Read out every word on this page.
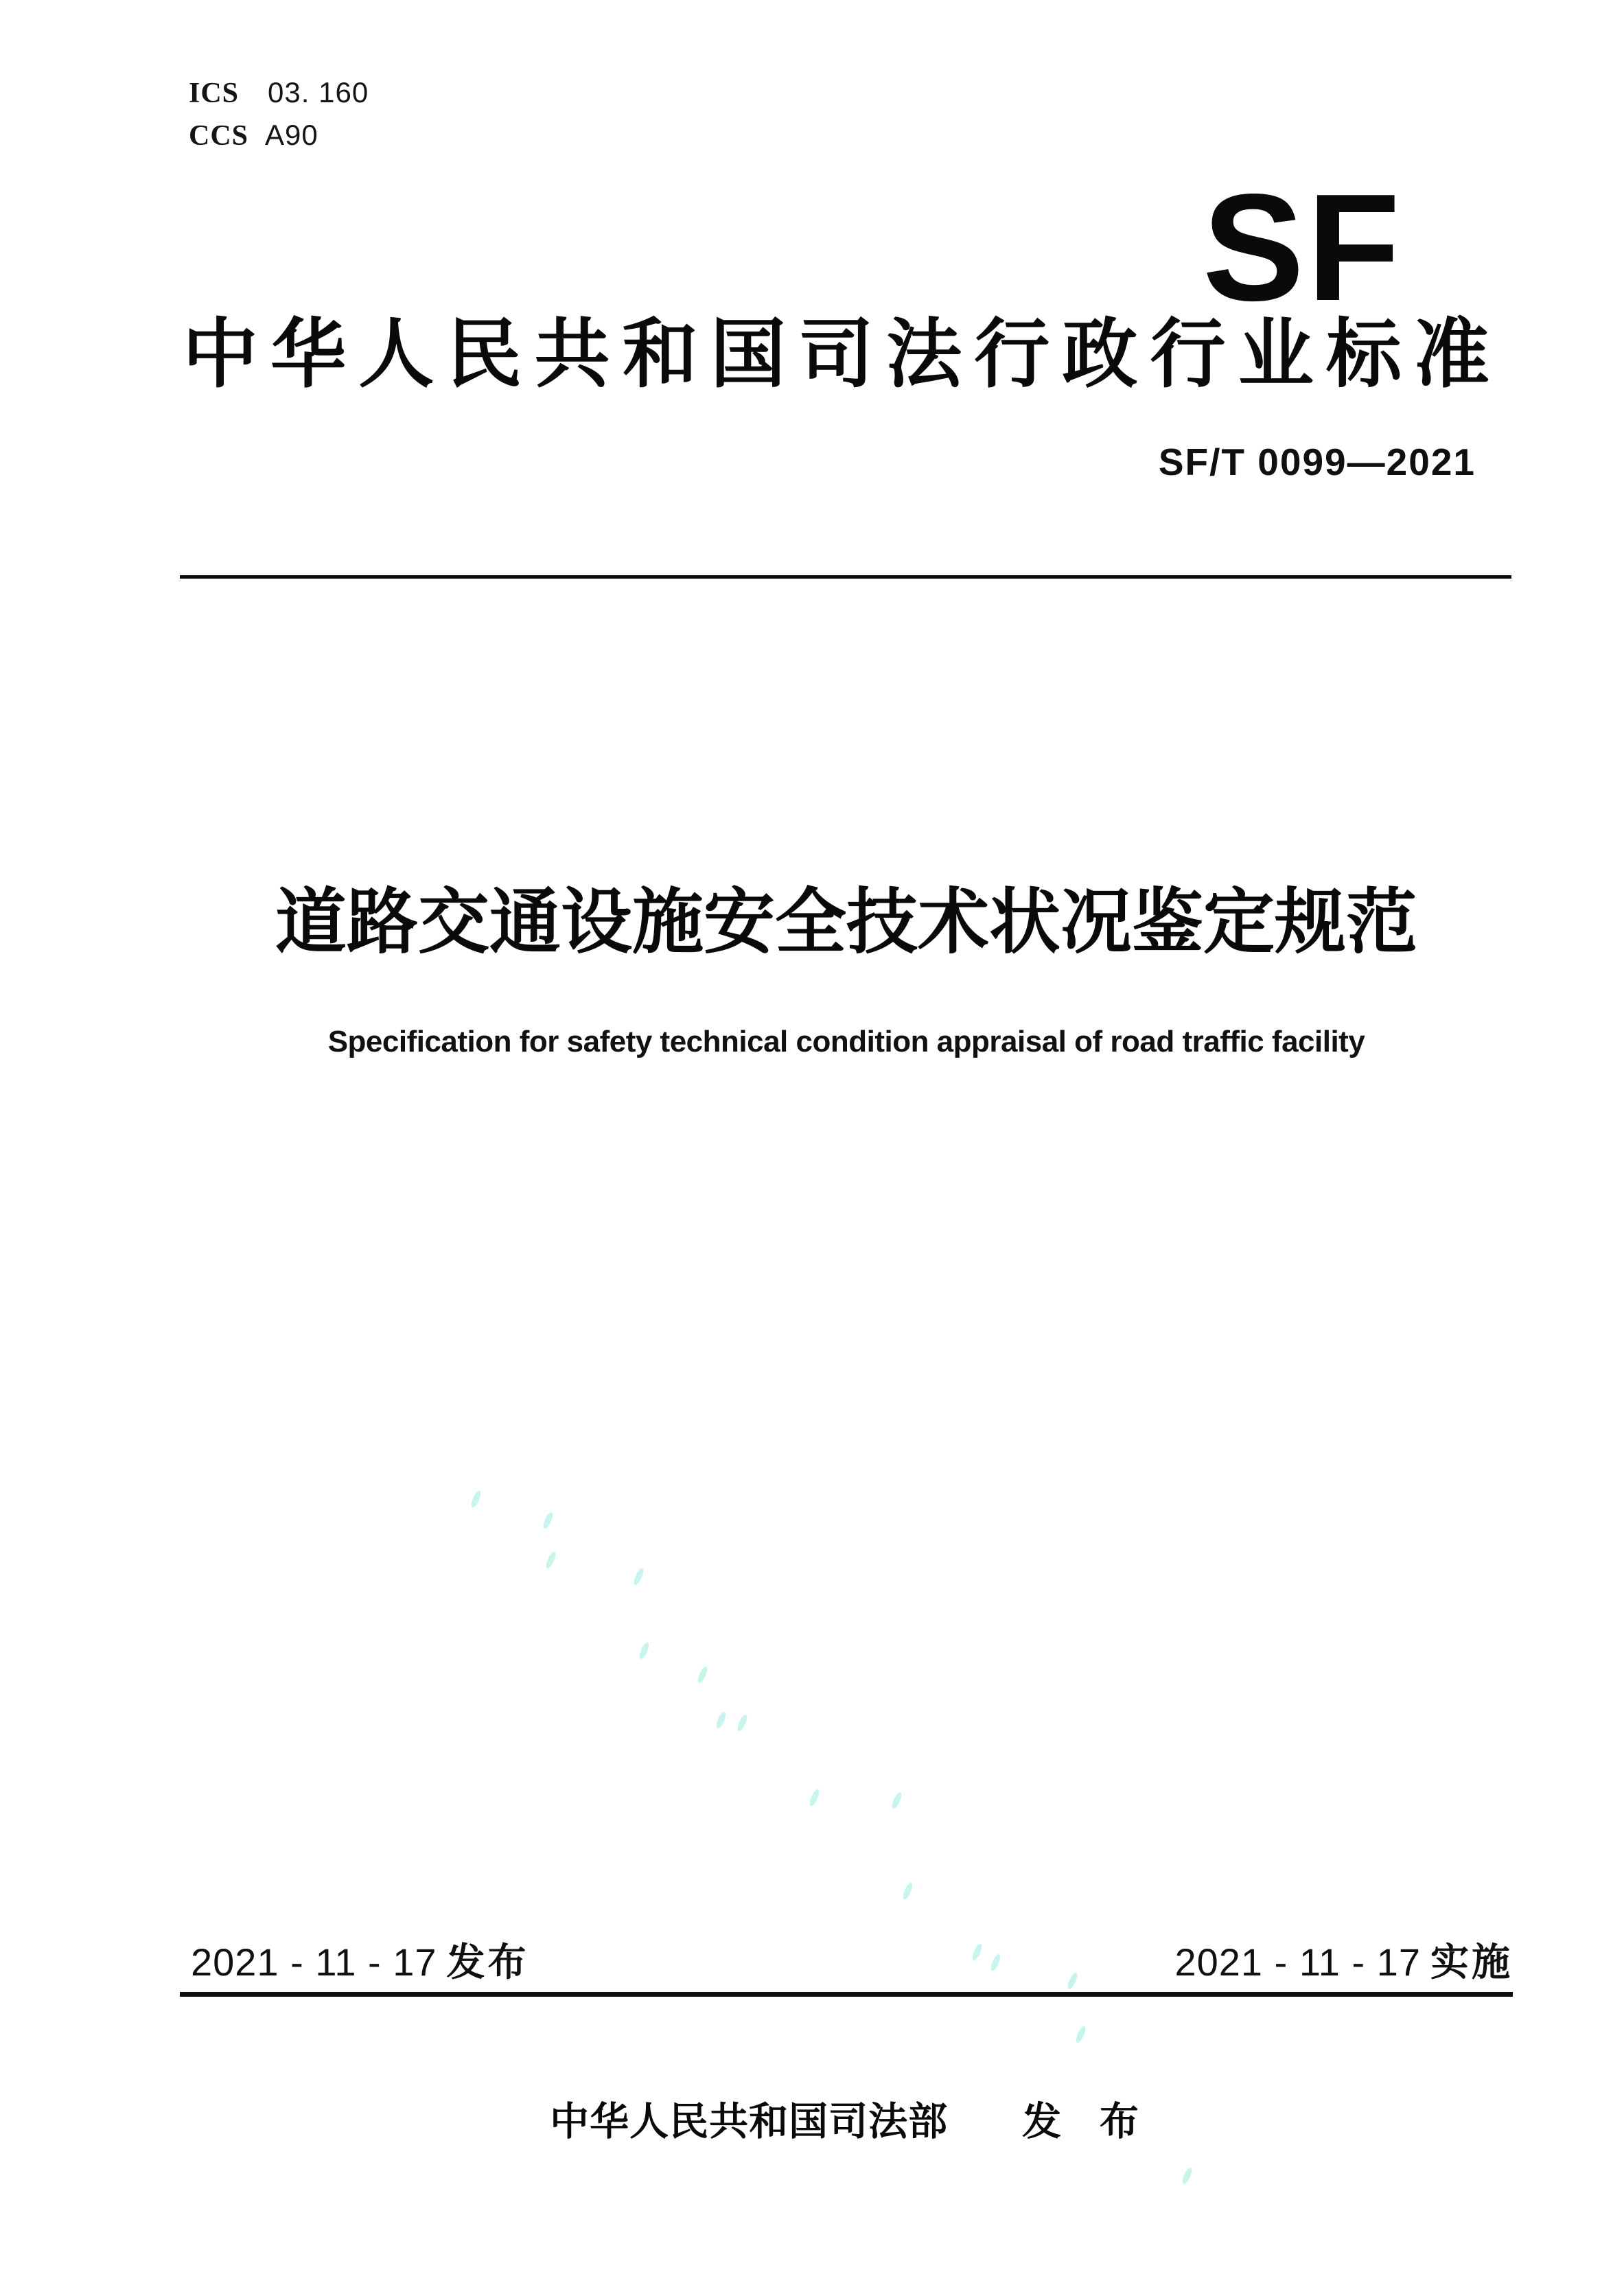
ICS 03. 160
CCS A90
SF
中 华 人 民 共 和 国 司 法 行 政 行 业 标 准
SF/T 0099—2021
道路交通设施安全技术状况鉴定规范
Specification for safety technical condition appraisal of road traffic facility
2021 - 11 - 17 发布	2021 - 11 - 17 实施
中华人民共和国司法部 发 布
